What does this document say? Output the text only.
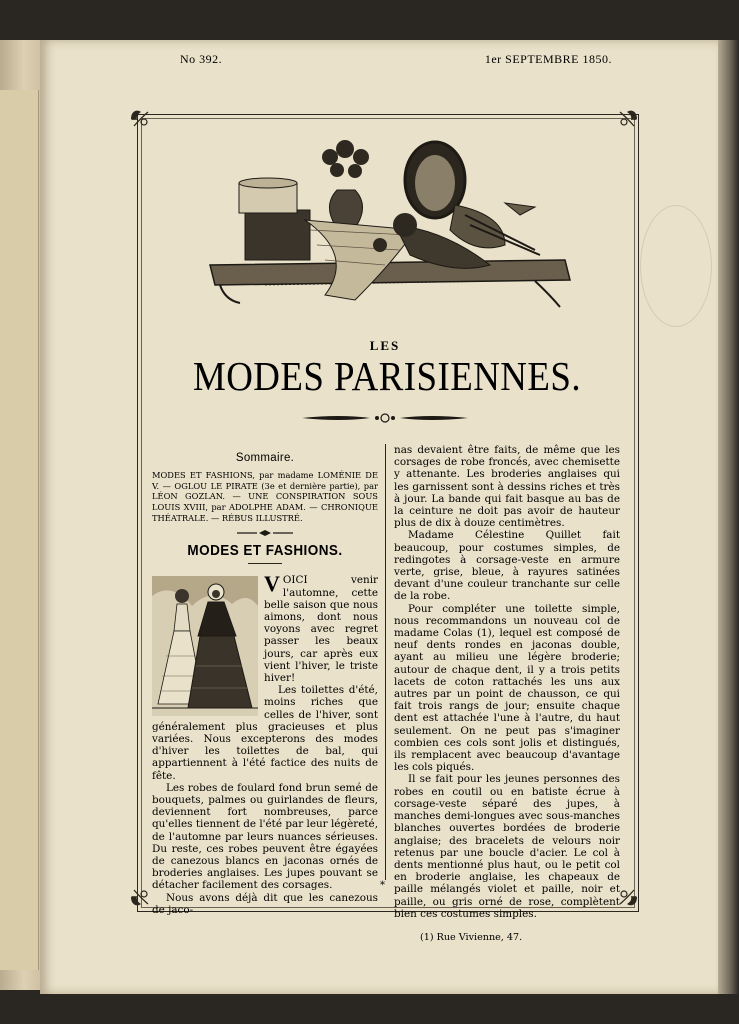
No 392.	1er SEPTEMBRE 1850.
LES
MODES PARISIENNES.
Sommaire.

MODES ET FASHIONS, par madame LOMÉNIE DE V. — OGLOU LE PIRATE (3e et dernière partie), par LÉON GOZLAN. — UNE CONSPIRATION SOUS LOUIS XVIII, par ADOLPHE ADAM. — CHRONIQUE THÉATRALE. — RÉBUS ILLUSTRÉ.

MODES ET FASHIONS.
V OICI venir l'automne, cette belle saison que nous aimons, dont nous voyons avec regret passer les beaux jours, car après eux vient l'hiver, le triste hiver!

Les toilettes d'été, moins riches que celles de l'hiver, sont généralement plus gracieuses et plus variées. Nous excepterons des modes d'hiver les toilettes de bal, qui appartiennent à l'été factice des nuits de fête.

Les robes de foulard fond brun semé de bouquets, palmes ou guirlandes de fleurs, deviennent fort nombreuses, parce qu'elles tiennent de l'été par leur légèreté, de l'automne par leurs nuances sérieuses. Du reste, ces robes peuvent être égayées de canezous blancs en jaconas ornés de broderies anglaises. Les jupes pouvant se détacher facilement des corsages.

Nous avons déjà dit que les canezous de jaco-

nas devaient être faits, de même que les corsages de robe froncés, avec chemisette y attenante. Les broderies anglaises qui les garnissent sont à dessins riches et très à jour. La bande qui fait basque au bas de la ceinture ne doit pas avoir de hauteur plus de dix à douze centimètres.

Madame Célestine Quillet fait beaucoup, pour costumes simples, de redingotes à corsage-veste en armure verte, grise, bleue, à rayures satinées devant d'une couleur tranchante sur celle de la robe.

Pour compléter une toilette simple, nous recommandons un nouveau col de madame Colas (1), lequel est composé de neuf dents rondes en jaconas double, ayant au milieu une légère broderie; autour de chaque dent, il y a trois petits lacets de coton rattachés les uns aux autres par un point de chausson, ce qui fait trois rangs de jour; ensuite chaque dent est attachée l'une à l'autre, du haut seulement. On ne peut pas s'imaginer combien ces cols sont jolis et distingués, ils remplacent avec beaucoup d'avantage les cols piqués.

Il se fait pour les jeunes personnes des robes en coutil ou en batiste écrue à corsage-veste séparé des jupes, à manches demi-longues avec sous-manches blanches ouvertes bordées de broderie anglaise; des bracelets de velours noir retenus par une boucle d'acier. Le col à dents mentionné plus haut, ou le petit col en broderie anglaise, les chapeaux de paille mélangés violet et paille, noir et paille, ou gris orné de rose, complètent bien ces costumes simples.

(1) Rue Vivienne, 47.

*
